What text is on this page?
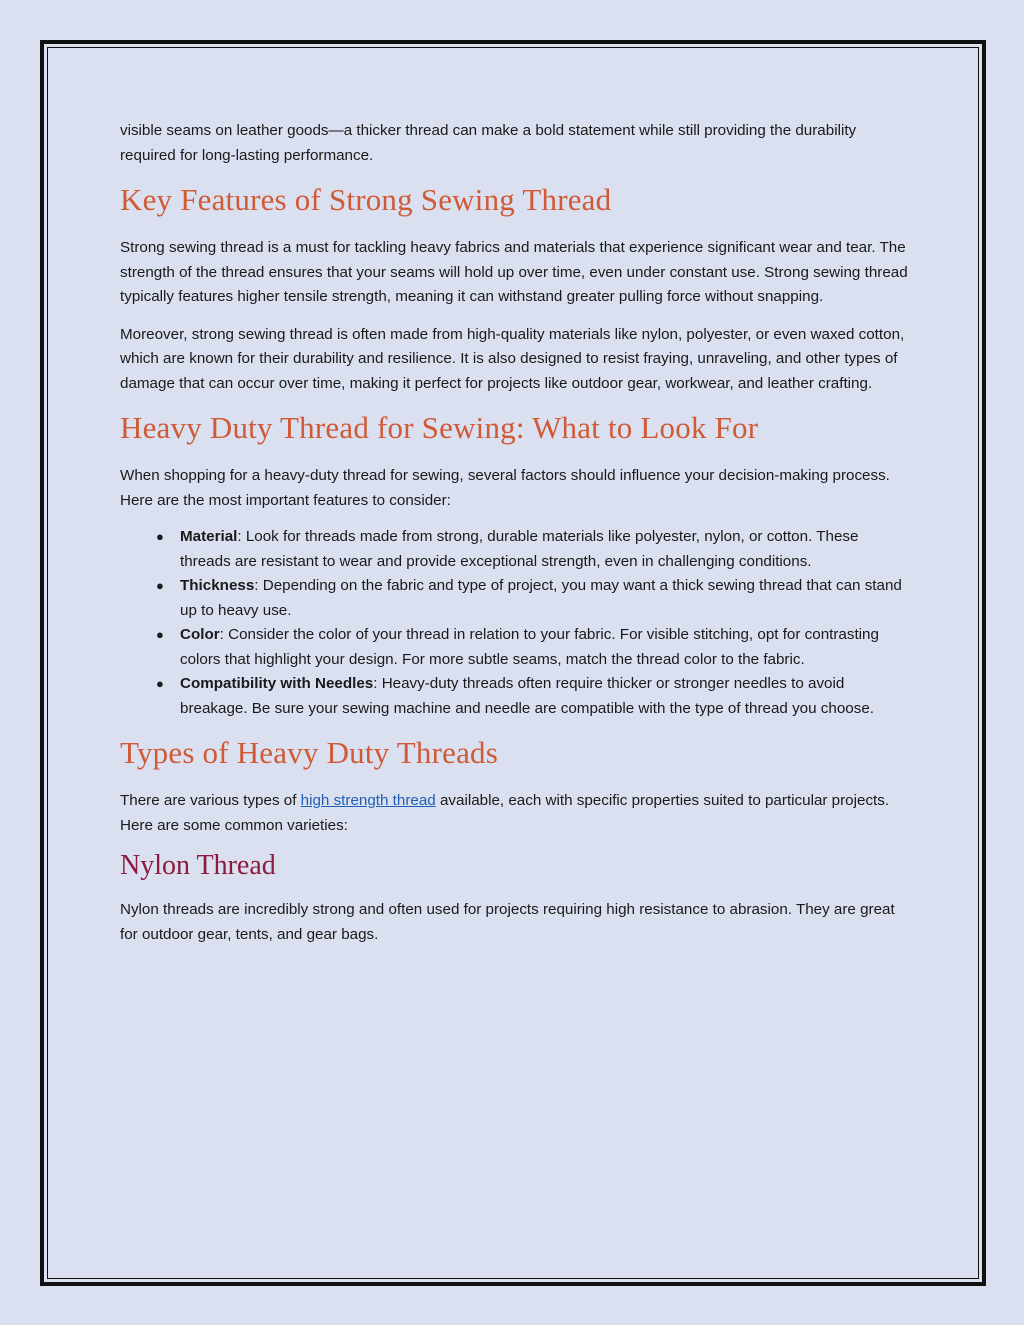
visible seams on leather goods—a thicker thread can make a bold statement while still providing the durability required for long-lasting performance.

Key Features of Strong Sewing Thread

Strong sewing thread is a must for tackling heavy fabrics and materials that experience significant wear and tear. The strength of the thread ensures that your seams will hold up over time, even under constant use. Strong sewing thread typically features higher tensile strength, meaning it can withstand greater pulling force without snapping.

Moreover, strong sewing thread is often made from high-quality materials like nylon, polyester, or even waxed cotton, which are known for their durability and resilience. It is also designed to resist fraying, unraveling, and other types of damage that can occur over time, making it perfect for projects like outdoor gear, workwear, and leather crafting.

Heavy Duty Thread for Sewing: What to Look For

When shopping for a heavy-duty thread for sewing, several factors should influence your decision-making process. Here are the most important features to consider:

● Material: Look for threads made from strong, durable materials like polyester, nylon, or cotton. These threads are resistant to wear and provide exceptional strength, even in challenging conditions.
● Thickness: Depending on the fabric and type of project, you may want a thick sewing thread that can stand up to heavy use.
● Color: Consider the color of your thread in relation to your fabric. For visible stitching, opt for contrasting colors that highlight your design. For more subtle seams, match the thread color to the fabric.
● Compatibility with Needles: Heavy-duty threads often require thicker or stronger needles to avoid breakage. Be sure your sewing machine and needle are compatible with the type of thread you choose.
Types of Heavy Duty Threads

There are various types of high strength thread available, each with specific properties suited to particular projects. Here are some common varieties:

Nylon Thread

Nylon threads are incredibly strong and often used for projects requiring high resistance to abrasion. They are great for outdoor gear, tents, and gear bags.
